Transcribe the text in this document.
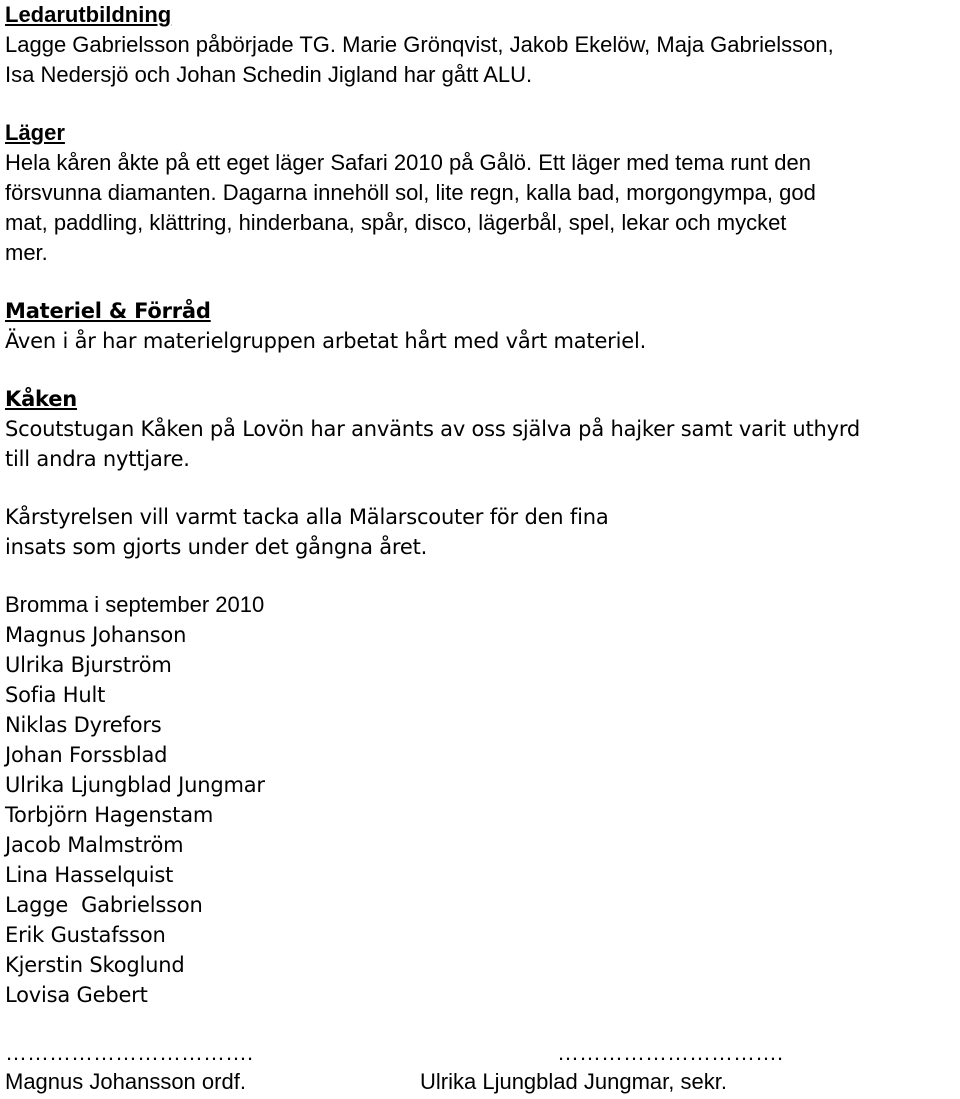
Ledarutbildning
Lagge Gabrielsson påbörjade TG. Marie Grönqvist, Jakob Ekelöw, Maja Gabrielsson,
Isa Nedersjö och Johan Schedin Jigland har gått ALU.
Läger
Hela kåren åkte på ett eget läger Safari 2010 på Gålö. Ett läger med tema runt den
försvunna diamanten. Dagarna innehöll sol, lite regn, kalla bad, morgongympa, god
mat, paddling, klättring, hinderbana, spår, disco, lägerbål, spel, lekar och mycket
mer.
Materiel & Förråd
Även i år har materielgruppen arbetat hårt med vårt materiel.
Kåken
Scoutstugan Kåken på Lovön har använts av oss själva på hajker samt varit uthyrd
till andra nyttjare.
Kårstyrelsen vill varmt tacka alla Mälarscouter för den fina
insats som gjorts under det gångna året.
Bromma i september 2010
Magnus Johanson
Ulrika Bjurström
Sofia Hult
Niklas Dyrefors
Johan Forssblad
Ulrika Ljungblad Jungmar
Torbjörn Hagenstam
Jacob Malmström
Lina Hasselquist
Lagge  Gabrielsson
Erik Gustafsson
Kjerstin Skoglund
Lovisa Gebert
…………………………….	………………………….
Magnus Johansson ordf.	Ulrika Ljungblad Jungmar, sekr.
